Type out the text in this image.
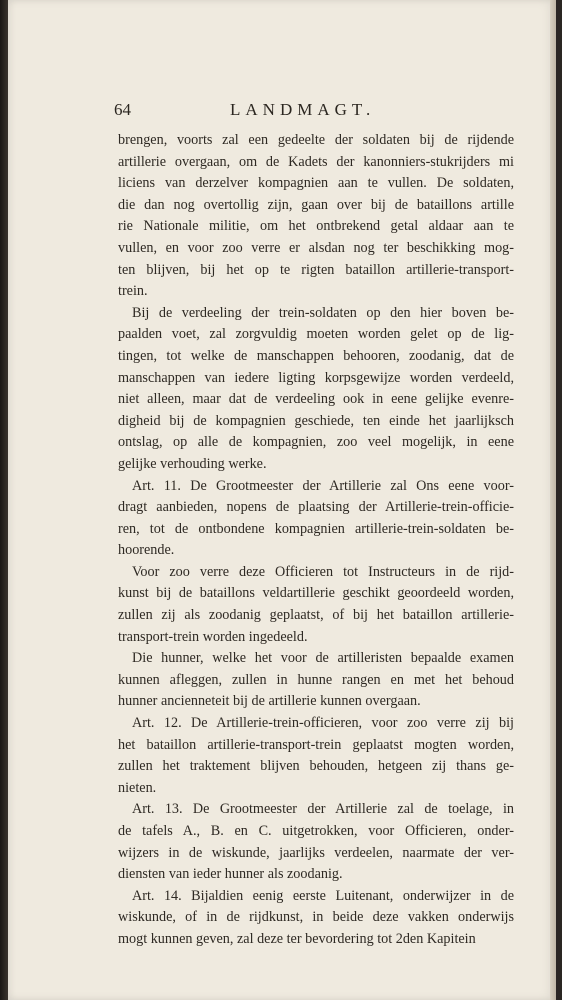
64	LANDMAGT.
brengen, voorts zal een gedeelte der soldaten bij de rijdende
artillerie overgaan, om de Kadets der kanonniers-stukrijders mi
liciens van derzelver kompagnien aan te vullen. De soldaten,
die dan nog overtollig zijn, gaan over bij de bataillons artille
rie Nationale militie, om het ontbrekend getal aldaar aan te
vullen, en voor zoo verre er alsdan nog ter beschikking mog-
ten blijven, bij het op te rigten bataillon artillerie-transport-
trein.
Bij de verdeeling der trein-soldaten op den hier boven be-
paalden voet, zal zorgvuldig moeten worden gelet op de lig-
tingen, tot welke de manschappen behooren, zoodanig, dat de
manschappen van iedere ligting korpsgewijze worden verdeeld,
niet alleen, maar dat de verdeeling ook in eene gelijke evenre-
digheid bij de kompagnien geschiede, ten einde het jaarlijksch
ontslag, op alle de kompagnien, zoo veel mogelijk, in eene
gelijke verhouding werke.
Art. 11. De Grootmeester der Artillerie zal Ons eene voor-
dragt aanbieden, nopens de plaatsing der Artillerie-trein-officie-
ren, tot de ontbondene kompagnien artillerie-trein-soldaten be-
hoorende.
Voor zoo verre deze Officieren tot Instructeurs in de rijd-
kunst bij de bataillons veldartillerie geschikt geoordeeld worden,
zullen zij als zoodanig geplaatst, of bij het bataillon artillerie-
transport-trein worden ingedeeld.
Die hunner, welke het voor de artilleristen bepaalde examen
kunnen afleggen, zullen in hunne rangen en met het behoud
hunner ancienneteit bij de artillerie kunnen overgaan.
Art. 12. De Artillerie-trein-officieren, voor zoo verre zij bij
het bataillon artillerie-transport-trein geplaatst mogten worden,
zullen het traktement blijven behouden, hetgeen zij thans ge-
nieten.
Art. 13. De Grootmeester der Artillerie zal de toelage, in
de tafels A., B. en C. uitgetrokken, voor Officieren, onder-
wijzers in de wiskunde, jaarlijks verdeelen, naarmate der ver-
diensten van ieder hunner als zoodanig.
Art. 14. Bijaldien eenig eerste Luitenant, onderwijzer in de
wiskunde, of in de rijdkunst, in beide deze vakken onderwijs
mogt kunnen geven, zal deze ter bevordering tot 2den Kapitein
